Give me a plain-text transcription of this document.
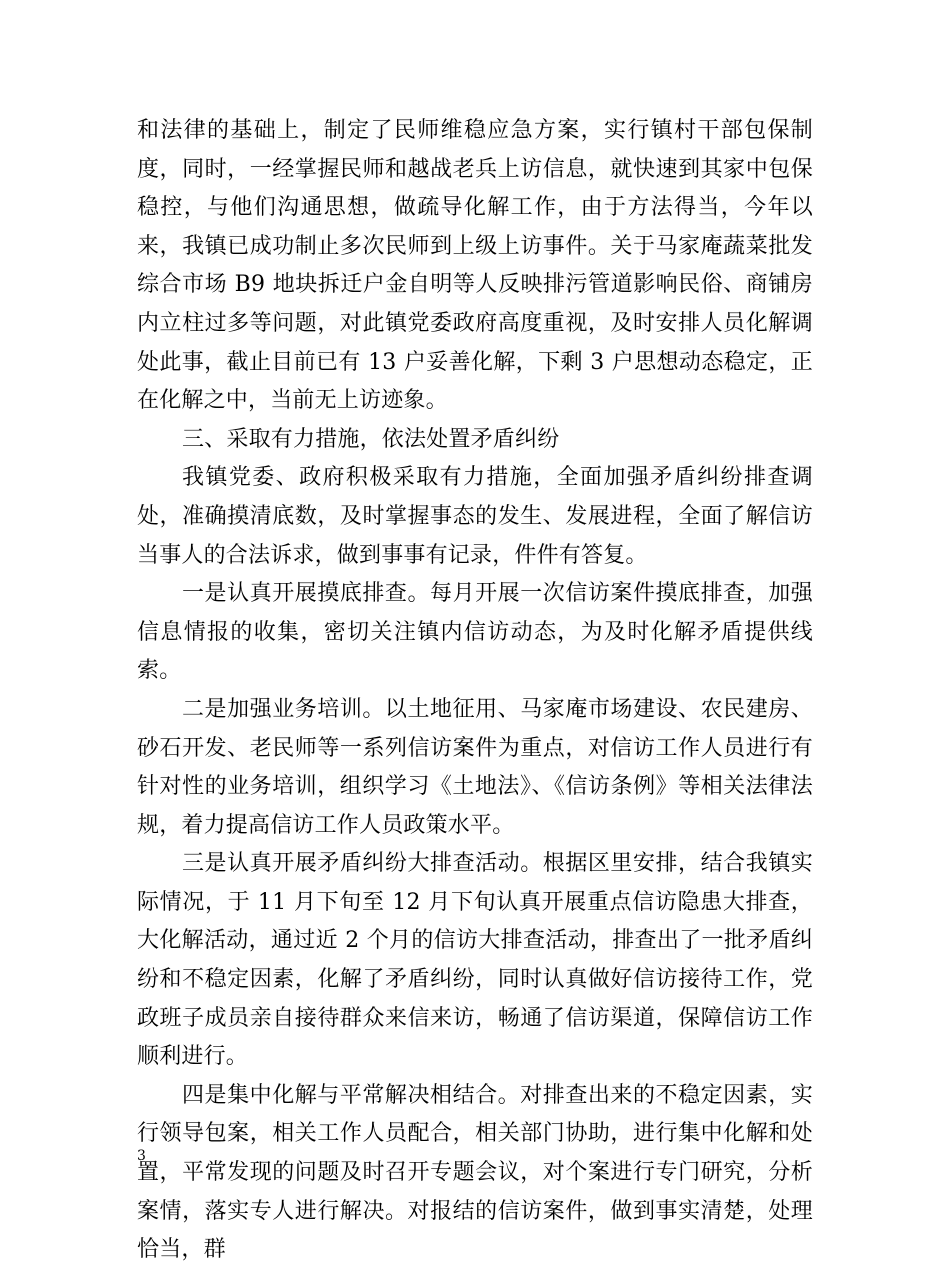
和法律的基础上，制定了民师维稳应急方案，实行镇村干部包保制度，同时，一经掌握民师和越战老兵上访信息，就快速到其家中包保稳控，与他们沟通思想，做疏导化解工作，由于方法得当，今年以来，我镇已成功制止多次民师到上级上访事件。关于马家庵蔬菜批发综合市场 B9 地块拆迁户金自明等人反映排污管道影响民俗、商铺房内立柱过多等问题，对此镇党委政府高度重视，及时安排人员化解调处此事，截止目前已有 13 户妥善化解，下剩 3 户思想动态稳定，正在化解之中，当前无上访迹象。

三、采取有力措施，依法处置矛盾纠纷

我镇党委、政府积极采取有力措施，全面加强矛盾纠纷排查调处，准确摸清底数，及时掌握事态的发生、发展进程，全面了解信访当事人的合法诉求，做到事事有记录，件件有答复。

一是认真开展摸底排查。每月开展一次信访案件摸底排查，加强信息情报的收集，密切关注镇内信访动态，为及时化解矛盾提供线索。

二是加强业务培训。以土地征用、马家庵市场建设、农民建房、砂石开发、老民师等一系列信访案件为重点，对信访工作人员进行有针对性的业务培训，组织学习《土地法》、《信访条例》等相关法律法规，着力提高信访工作人员政策水平。

三是认真开展矛盾纠纷大排查活动。根据区里安排，结合我镇实际情况，于 11 月下旬至 12 月下旬认真开展重点信访隐患大排查，大化解活动，通过近 2 个月的信访大排查活动，排查出了一批矛盾纠纷和不稳定因素，化解了矛盾纠纷，同时认真做好信访接待工作，党政班子成员亲自接待群众来信来访，畅通了信访渠道，保障信访工作顺利进行。

四是集中化解与平常解决相结合。对排查出来的不稳定因素，实行领导包案，相关工作人员配合，相关部门协助，进行集中化解和处置，平常发现的问题及时召开专题会议，对个案进行专门研究，分析案情，落实专人进行解决。对报结的信访案件，做到事实清楚，处理恰当，群

3
